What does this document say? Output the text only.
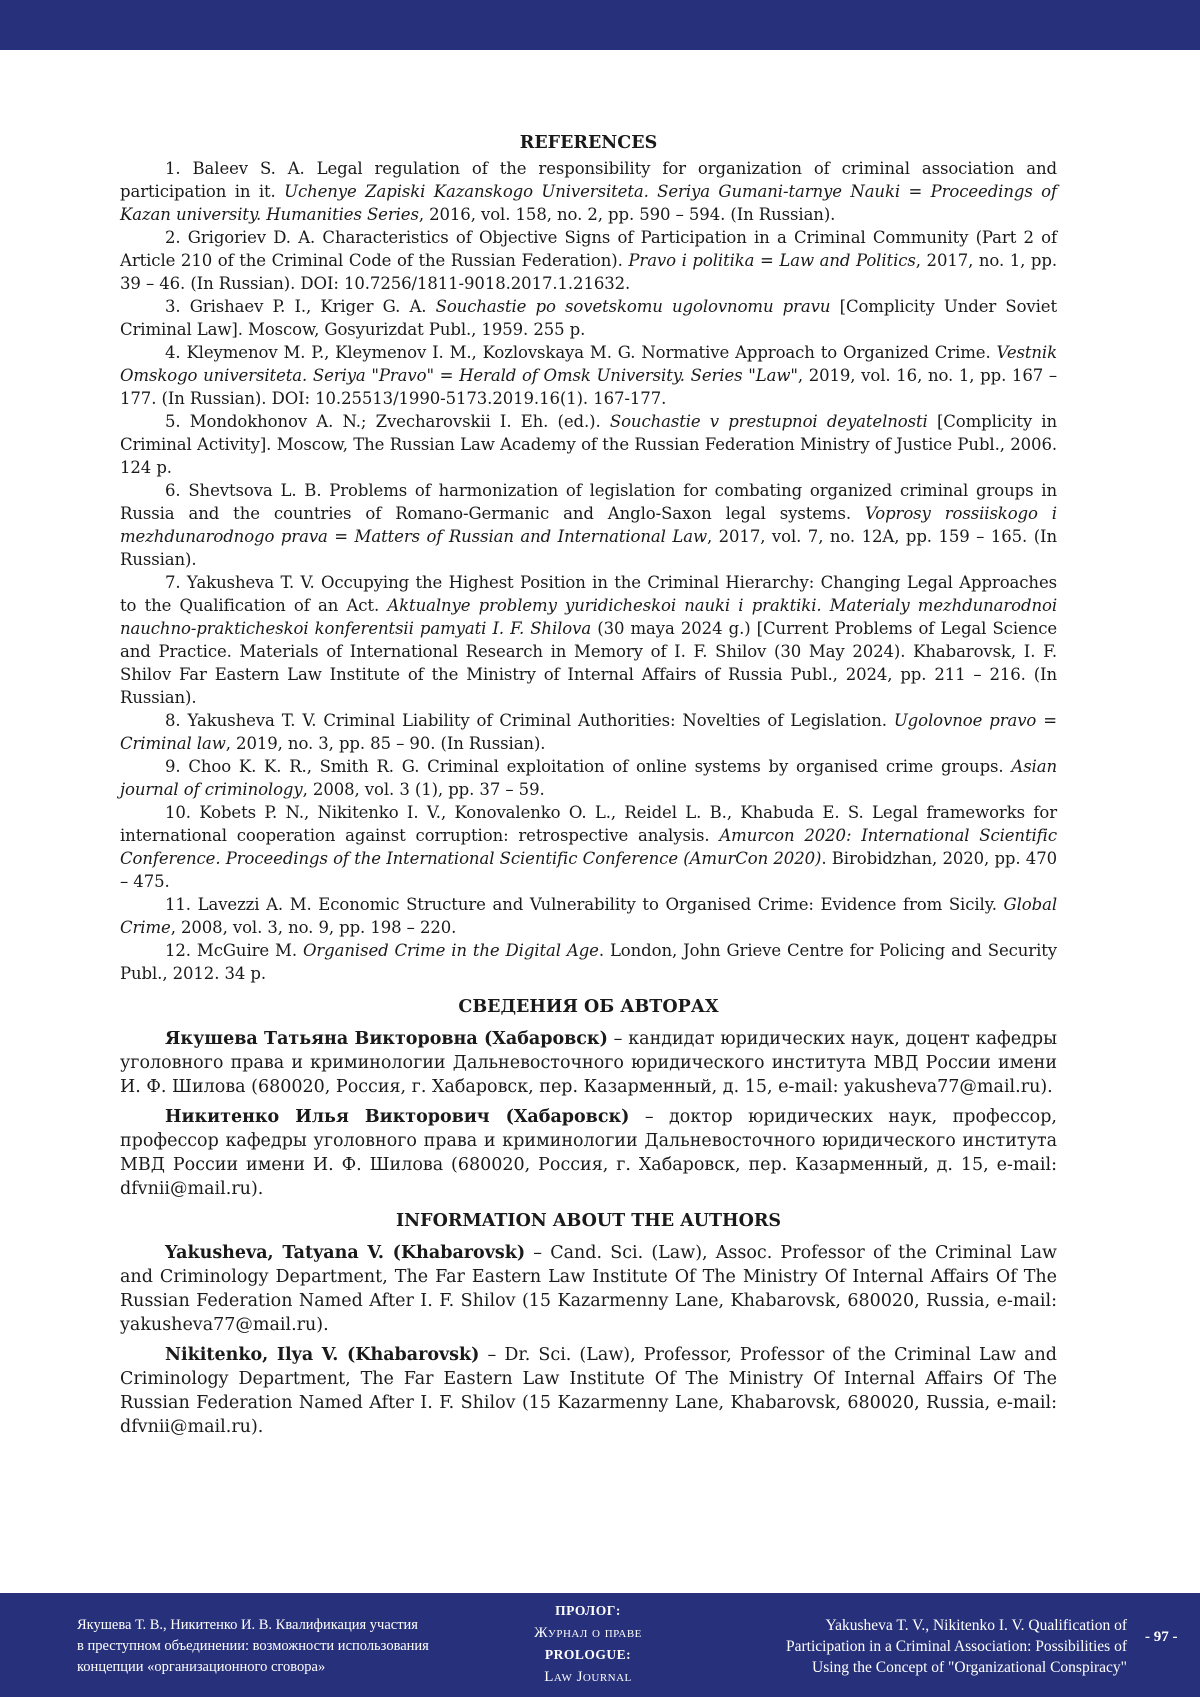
REFERENCES

1. Baleev S. A. Legal regulation of the responsibility for organization of criminal association and participation in it. Uchenye Zapiski Kazanskogo Universiteta. Seriya Gumani-tarnye Nauki = Proceedings of Kazan university. Humanities Series, 2016, vol. 158, no. 2, pp. 590 – 594. (In Russian).

2. Grigoriev D. A. Characteristics of Objective Signs of Participation in a Criminal Community (Part 2 of Article 210 of the Criminal Code of the Russian Federation). Pravo i politika = Law and Politics, 2017, no. 1, pp. 39 – 46. (In Russian). DOI: 10.7256/1811-9018.2017.1.21632.

3. Grishaev P. I., Kriger G. A. Souchastie po sovetskomu ugolovnomu pravu [Complicity Under Soviet Criminal Law]. Moscow, Gosyurizdat Publ., 1959. 255 p.

4. Kleymenov M. P., Kleymenov I. M., Kozlovskaya M. G. Normative Approach to Organized Crime. Vestnik Omskogo universiteta. Seriya "Pravo" = Herald of Omsk University. Series "Law", 2019, vol. 16, no. 1, pp. 167 – 177. (In Russian). DOI: 10.25513/1990-5173.2019.16(1). 167-177.

5. Mondokhonov A. N.; Zvecharovskii I. Eh. (ed.). Souchastie v prestupnoi deyatelnosti [Complicity in Criminal Activity]. Moscow, The Russian Law Academy of the Russian Federation Ministry of Justice Publ., 2006. 124 p.

6. Shevtsova L. B. Problems of harmonization of legislation for combating organized criminal groups in Russia and the countries of Romano-Germanic and Anglo-Saxon legal systems. Voprosy rossiiskogo i mezhdunarodnogo prava = Matters of Russian and International Law, 2017, vol. 7, no. 12A, pp. 159 – 165. (In Russian).

7. Yakusheva T. V. Occupying the Highest Position in the Criminal Hierarchy: Changing Legal Approaches to the Qualification of an Act. Aktualnye problemy yuridicheskoi nauki i praktiki. Materialy mezhdunarodnoi nauchno-prakticheskoi konferentsii pamyati I. F. Shilova (30 maya 2024 g.) [Current Problems of Legal Science and Practice. Materials of International Research in Memory of I. F. Shilov (30 May 2024). Khabarovsk, I. F. Shilov Far Eastern Law Institute of the Ministry of Internal Affairs of Russia Publ., 2024, pp. 211 – 216. (In Russian).

8. Yakusheva T. V. Criminal Liability of Criminal Authorities: Novelties of Legislation. Ugolovnoe pravo = Criminal law, 2019, no. 3, pp. 85 – 90. (In Russian).

9. Choo K. K. R., Smith R. G. Criminal exploitation of online systems by organised crime groups. Asian journal of criminology, 2008, vol. 3 (1), pp. 37 – 59.

10. Kobets P. N., Nikitenko I. V., Konovalenko O. L., Reidel L. B., Khabuda E. S. Legal frameworks for international cooperation against corruption: retrospective analysis. Amurcon 2020: International Scientific Conference. Proceedings of the International Scientific Conference (AmurCon 2020). Birobidzhan, 2020, pp. 470 – 475.

11. Lavezzi A. M. Economic Structure and Vulnerability to Organised Crime: Evidence from Sicily. Global Crime, 2008, vol. 3, no. 9, pp. 198 – 220.

12. McGuire M. Organised Crime in the Digital Age. London, John Grieve Centre for Policing and Security Publ., 2012. 34 p.

СВЕДЕНИЯ ОБ АВТОРАХ

Якушева Татьяна Викторовна (Хабаровск) – кандидат юридических наук, доцент кафедры уголовного права и криминологии Дальневосточного юридического института МВД России имени И. Ф. Шилова (680020, Россия, г. Хабаровск, пер. Казарменный, д. 15, e-mail: yakusheva77@mail.ru).

Никитенко Илья Викторович (Хабаровск) – доктор юридических наук, профессор, профессор кафедры уголовного права и криминологии Дальневосточного юридического института МВД России имени И. Ф. Шилова (680020, Россия, г. Хабаровск, пер. Казарменный, д. 15, e-mail: dfvnii@mail.ru).

INFORMATION ABOUT THE AUTHORS

Yakusheva, Tatyana V. (Khabarovsk) – Cand. Sci. (Law), Assoc. Professor of the Criminal Law and Criminology Department, The Far Eastern Law Institute Of The Ministry Of Internal Affairs Of The Russian Federation Named After I. F. Shilov (15 Kazarmenny Lane, Khabarovsk, 680020, Russia, e-mail: yakusheva77@mail.ru).

Nikitenko, Ilya V. (Khabarovsk) – Dr. Sci. (Law), Professor, Professor of the Criminal Law and Criminology Department, The Far Eastern Law Institute Of The Ministry Of Internal Affairs Of The Russian Federation Named After I. F. Shilov (15 Kazarmenny Lane, Khabarovsk, 680020, Russia, e-mail: dfvnii@mail.ru).

Якушева Т. В., Никитенко И. В. Квалификация участия
в преступном объединении: возможности использования
концепции «организационного сговора»
ПРОЛОГ:
Журнал о праве
PROLOGUE:
Law Journal
Yakusheva T. V., Nikitenko I. V. Qualification of
Participation in a Criminal Association: Possibilities of
Using the Concept of "Organizational Conspiracy"
- 97 -
